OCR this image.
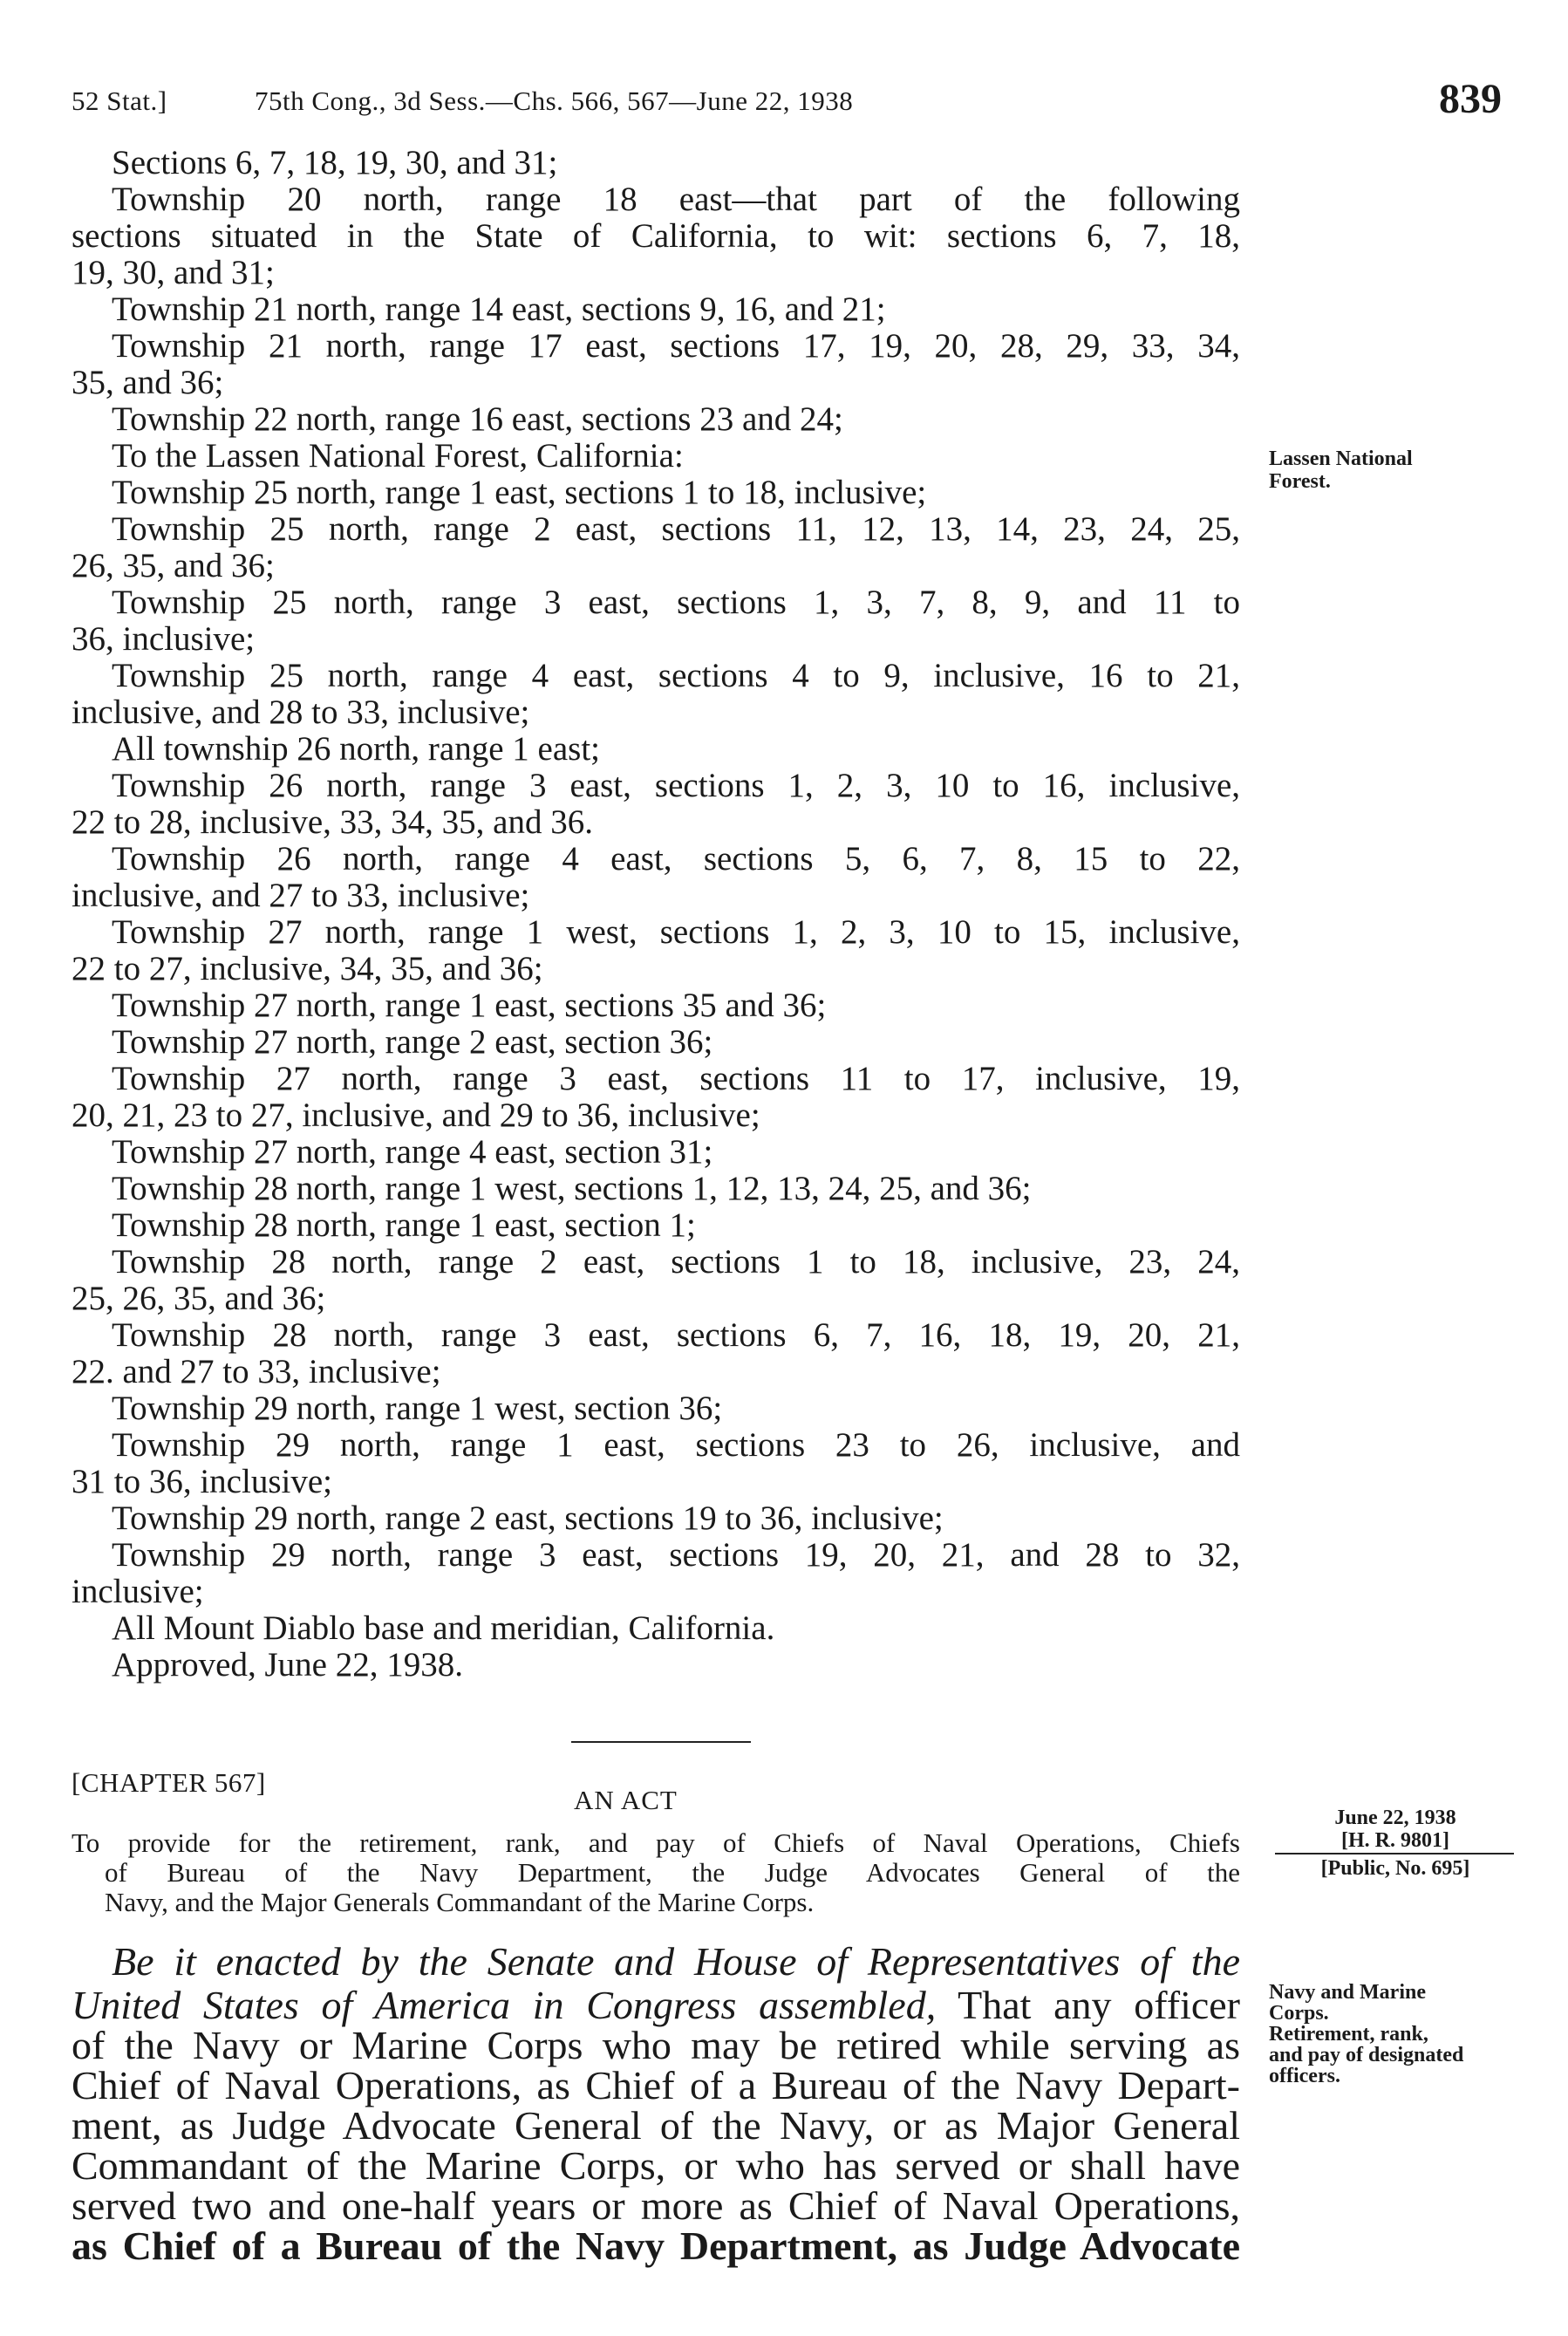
52 Stat.]	75th Cong., 3d Sess.—Chs. 566, 567—June 22, 1938	839
Sections 6, 7, 18, 19, 30, and 31;
Township 20 north, range 18 east—that part of the following
sections situated in the State of California, to wit: sections 6, 7, 18,
19, 30, and 31;
Township 21 north, range 14 east, sections 9, 16, and 21;
Township 21 north, range 17 east, sections 17, 19, 20, 28, 29, 33, 34,
35, and 36;
Township 22 north, range 16 east, sections 23 and 24;
To the Lassen National Forest, California:
Township 25 north, range 1 east, sections 1 to 18, inclusive;
Township 25 north, range 2 east, sections 11, 12, 13, 14, 23, 24, 25,
26, 35, and 36;
Township 25 north, range 3 east, sections 1, 3, 7, 8, 9, and 11 to
36, inclusive;
Township 25 north, range 4 east, sections 4 to 9, inclusive, 16 to 21,
inclusive, and 28 to 33, inclusive;
All township 26 north, range 1 east;
Township 26 north, range 3 east, sections 1, 2, 3, 10 to 16, inclusive,
22 to 28, inclusive, 33, 34, 35, and 36.
Township 26 north, range 4 east, sections 5, 6, 7, 8, 15 to 22,
inclusive, and 27 to 33, inclusive;
Township 27 north, range 1 west, sections 1, 2, 3, 10 to 15, inclusive,
22 to 27, inclusive, 34, 35, and 36;
Township 27 north, range 1 east, sections 35 and 36;
Township 27 north, range 2 east, section 36;
Township 27 north, range 3 east, sections 11 to 17, inclusive, 19,
20, 21, 23 to 27, inclusive, and 29 to 36, inclusive;
Township 27 north, range 4 east, section 31;
Township 28 north, range 1 west, sections 1, 12, 13, 24, 25, and 36;
Township 28 north, range 1 east, section 1;
Township 28 north, range 2 east, sections 1 to 18, inclusive, 23, 24,
25, 26, 35, and 36;
Township 28 north, range 3 east, sections 6, 7, 16, 18, 19, 20, 21,
22. and 27 to 33, inclusive;
Township 29 north, range 1 west, section 36;
Township 29 north, range 1 east, sections 23 to 26, inclusive, and
31 to 36, inclusive;
Township 29 north, range 2 east, sections 19 to 36, inclusive;
Township 29 north, range 3 east, sections 19, 20, 21, and 28 to 32,
inclusive;
All Mount Diablo base and meridian, California.
Approved, June 22, 1938.
Lassen National
Forest.
[CHAPTER 567]
AN ACT
To provide for the retirement, rank, and pay of Chiefs of Naval Operations, Chiefs
of Bureau of the Navy Department, the Judge Advocates General of the
Navy, and the Major Generals Commandant of the Marine Corps.
June 22, 1938
[H. R. 9801]
[Public, No. 695]
Be it enacted by the Senate and House of Representatives of the
United States of America in Congress assembled, That any officer
of the Navy or Marine Corps who may be retired while serving as
Chief of Naval Operations, as Chief of a Bureau of the Navy Depart-
ment, as Judge Advocate General of the Navy, or as Major General
Commandant of the Marine Corps, or who has served or shall have
served two and one-half years or more as Chief of Naval Operations,
as Chief of a Bureau of the Navy Department, as Judge Advocate
Navy and Marine
Corps.
Retirement, rank,
and pay of designated
officers.
